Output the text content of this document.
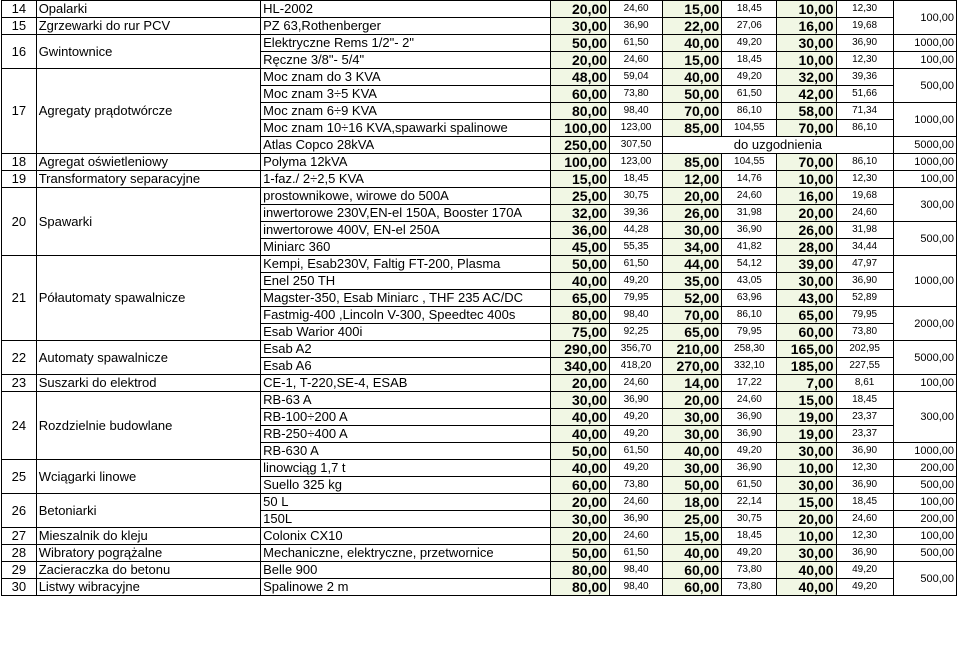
14	Opalarki	HL-2002	20,00	24,60	15,00	18,45	10,00	12,30	100,00
15	Zgrzewarki do rur PCV	PZ 63,Rothenberger	30,00	36,90	22,00	27,06	16,00	19,68	
16	Gwintownice	Elektryczne Rems 1/2"- 2"	50,00	61,50	40,00	49,20	30,00	36,90	1000,00
		Ręczne 3/8"- 5/4"	20,00	24,60	15,00	18,45	10,00	12,30	100,00
17	Agregaty prądotwórcze	Moc znam do 3 KVA	48,00	59,04	40,00	49,20	32,00	39,36	500,00
		Moc znam 3÷5 KVA	60,00	73,80	50,00	61,50	42,00	51,66	
		Moc znam 6÷9 KVA	80,00	98,40	70,00	86,10	58,00	71,34	1000,00
		Moc znam 10÷16 KVA,spawarki spalinowe	100,00	123,00	85,00	104,55	70,00	86,10	
		Atlas Copco 28kVA	250,00	307,50	do uzgodnienia				5000,00
18	Agregat oświetleniowy	Polyma 12kVA	100,00	123,00	85,00	104,55	70,00	86,10	1000,00
19	Transformatory separacyjne	1-faz./ 2÷2,5 KVA	15,00	18,45	12,00	14,76	10,00	12,30	100,00
20	Spawarki	prostownikowe, wirowe do 500A	25,00	30,75	20,00	24,60	16,00	19,68	300,00
		inwertorowe 230V,EN-el 150A, Booster 170A	32,00	39,36	26,00	31,98	20,00	24,60	
		inwertorowe 400V, EN-el 250A	36,00	44,28	30,00	36,90	26,00	31,98	500,00
		Miniarc 360	45,00	55,35	34,00	41,82	28,00	34,44	
21	Półautomaty spawalnicze	Kempi, Esab230V, Faltig FT-200, Plasma	50,00	61,50	44,00	54,12	39,00	47,97	1000,00
		Enel 250 TH	40,00	49,20	35,00	43,05	30,00	36,90	
		Magster-350, Esab Miniarc , THF 235 AC/DC	65,00	79,95	52,00	63,96	43,00	52,89	
		Fastmig-400 ,Lincoln V-300, Speedtec 400s	80,00	98,40	70,00	86,10	65,00	79,95	2000,00
		Esab Warior 400i	75,00	92,25	65,00	79,95	60,00	73,80	
22	Automaty spawalnicze	Esab A2	290,00	356,70	210,00	258,30	165,00	202,95	5000,00
		Esab A6	340,00	418,20	270,00	332,10	185,00	227,55	
23	Suszarki do elektrod	CE-1, T-220,SE-4, ESAB	20,00	24,60	14,00	17,22	7,00	8,61	100,00
24	Rozdzielnie budowlane	RB-63 A	30,00	36,90	20,00	24,60	15,00	18,45	300,00
		RB-100÷200 A	40,00	49,20	30,00	36,90	19,00	23,37	
		RB-250÷400 A	40,00	49,20	30,00	36,90	19,00	23,37	
		RB-630 A	50,00	61,50	40,00	49,20	30,00	36,90	1000,00
25	Wciągarki linowe	linowciąg 1,7 t	40,00	49,20	30,00	36,90	10,00	12,30	200,00
		Suello 325 kg	60,00	73,80	50,00	61,50	30,00	36,90	500,00
26	Betoniarki	50 L	20,00	24,60	18,00	22,14	15,00	18,45	100,00
		150L	30,00	36,90	25,00	30,75	20,00	24,60	200,00
27	Mieszalnik do kleju	Colonix CX10	20,00	24,60	15,00	18,45	10,00	12,30	100,00
28	Wibratory pogrążalne	Mechaniczne, elektryczne, przetwornice	50,00	61,50	40,00	49,20	30,00	36,90	500,00
29	Zacieraczka do betonu	Belle 900	80,00	98,40	60,00	73,80	40,00	49,20	500,00
30	Listwy wibracyjne	Spalinowe 2 m	80,00	98,40	60,00	73,80	40,00	49,20	
